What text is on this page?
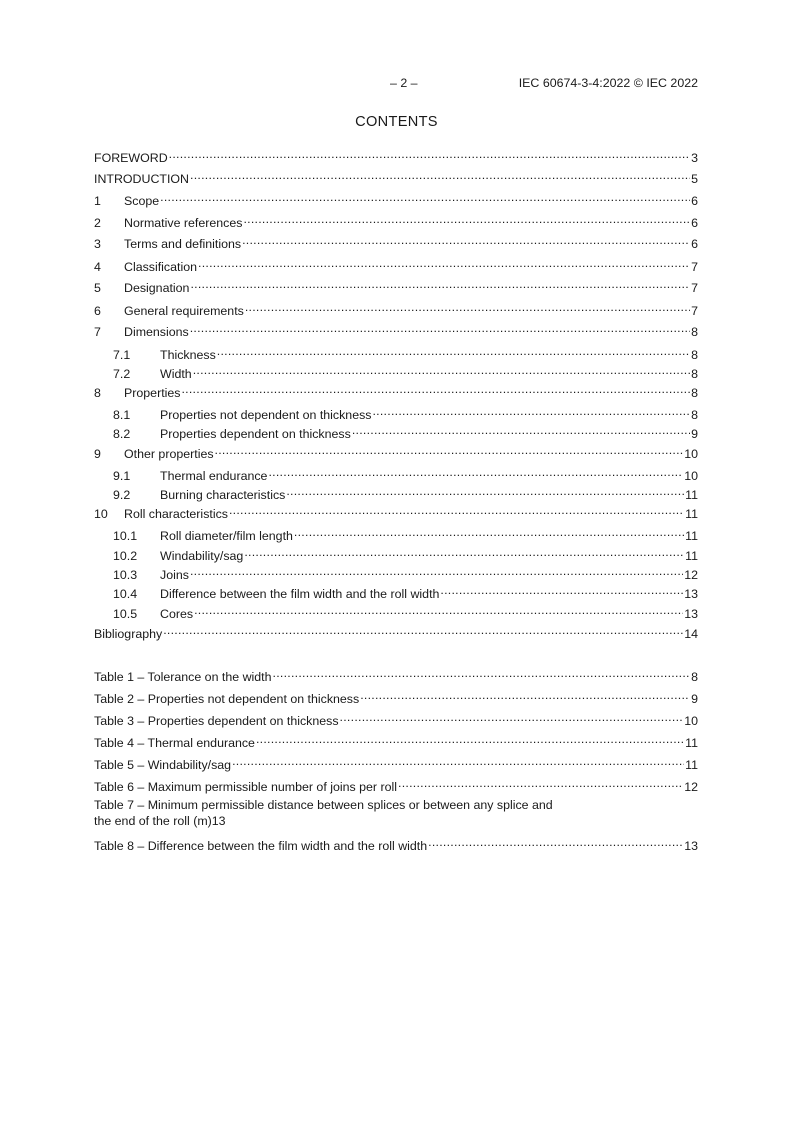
– 2 –	IEC 60674-3-4:2022 © IEC 2022
CONTENTS
FOREWORD .....	3
INTRODUCTION .....	5
1	Scope .....	6
2	Normative references .....	6
3	Terms and definitions .....	6
4	Classification .....	7
5	Designation .....	7
6	General requirements .....	7
7	Dimensions .....	8
7.1	Thickness .....	8
7.2	Width .....	8
8	Properties .....	8
8.1	Properties not dependent on thickness .....	8
8.2	Properties dependent on thickness .....	9
9	Other properties .....	10
9.1	Thermal endurance .....	10
9.2	Burning characteristics .....	11
10	Roll characteristics .....	11
10.1	Roll diameter/film length .....	11
10.2	Windability/sag .....	11
10.3	Joins .....	12
10.4	Difference between the film width and the roll width .....	13
10.5	Cores .....	13
Bibliography .....	14
Table 1 – Tolerance on the width .....	8
Table 2 – Properties not dependent on thickness .....	9
Table 3 – Properties dependent on thickness .....	10
Table 4 – Thermal endurance .....	11
Table 5 – Windability/sag .....	11
Table 6 – Maximum permissible number of joins per roll .....	12
Table 7 – Minimum permissible distance between splices or between any splice and
the end of the roll (m) 13
Table 8 – Difference between the film width and the roll width .....	13
